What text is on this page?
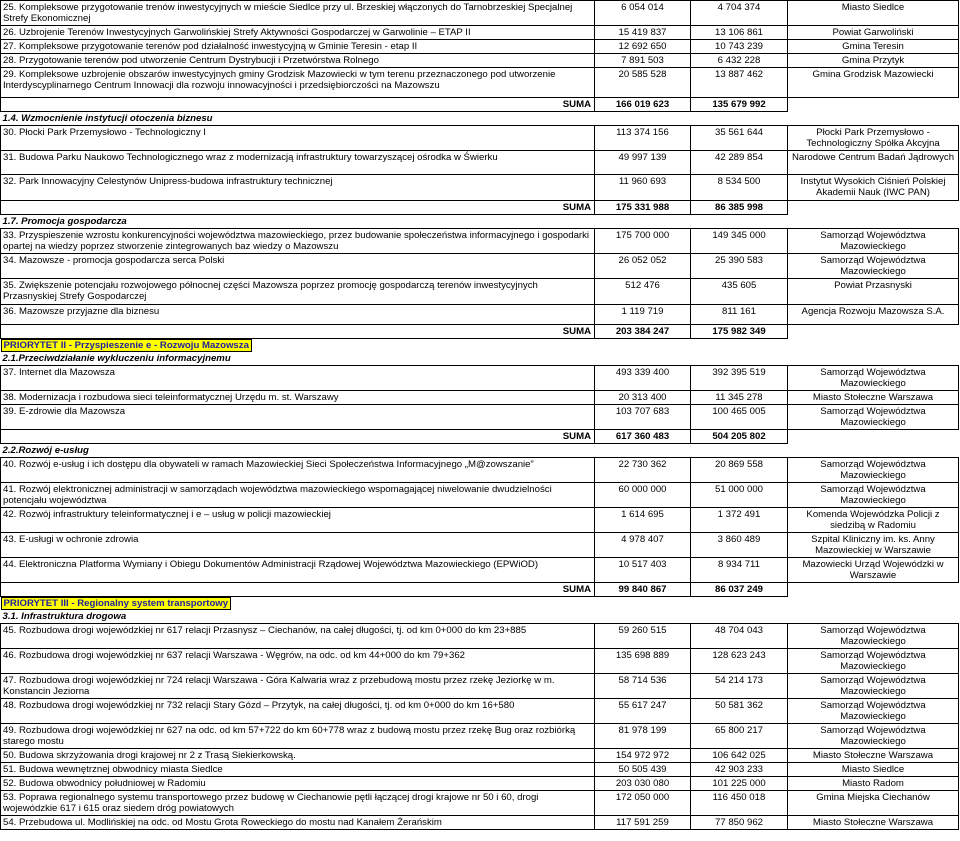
25. Kompleksowe przygotowanie trenów inwestycyjnych w mieście Siedlce przy ul. Brzeskiej włączonych do Tarnobrzeskiej Specjalnej Strefy Ekonomicznej	6 054 014	4 704 374	Miasto Siedlce
26. Uzbrojenie Terenów Inwestycyjnych Garwolińskiej Strefy Aktywności Gospodarczej w Garwolinie – ETAP II	15 419 837	13 106 861	Powiat Garwoliński
27. Kompleksowe przygotowanie terenów pod działalność inwestycyjną w Gminie Teresin - etap II	12 692 650	10 743 239	Gmina Teresin
28. Przygotowanie terenów pod utworzenie Centrum Dystrybucji i Przetwórstwa Rolnego	7 891 503	6 432 228	Gmina Przytyk
29. Kompleksowe uzbrojenie obszarów inwestycyjnych gminy Grodzisk Mazowiecki w tym terenu przeznaczonego pod utworzenie Interdyscyplinarnego Centrum Innowacji dla rozwoju innowacyjności i przedsiębiorczości na Mazowszu	20 585 528	13 887 462	Gmina Grodzisk Mazowiecki
SUMA	166 019 623	135 679 992	
1.4. Wzmocnienie instytucji otoczenia biznesu			
30. Płocki Park Przemysłowo - Technologiczny I	113 374 156	35 561 644	Płocki Park Przemysłowo - Technologiczny Spółka Akcyjna
31. Budowa Parku Naukowo Technologicznego wraz z modernizacją infrastruktury towarzyszącej ośrodka w Świerku	49 997 139	42 289 854	Narodowe Centrum Badań Jądrowych
32. Park Innowacyjny Celestynów Unipress-budowa infrastruktury technicznej	11 960 693	8 534 500	Instytut Wysokich Ciśnień Polskiej Akademii Nauk (IWC PAN)
SUMA	175 331 988	86 385 998	
1.7. Promocja gospodarcza			
33. Przyspieszenie wzrostu konkurencyjności województwa mazowieckiego, przez budowanie społeczeństwa informacyjnego i gospodarki opartej na wiedzy poprzez stworzenie zintegrowanych baz wiedzy o Mazowszu	175 700 000	149 345 000	Samorząd Województwa Mazowieckiego
34. Mazowsze - promocja gospodarcza serca Polski	26 052 052	25 390 583	Samorząd Województwa Mazowieckiego
35. Zwiększenie potencjału rozwojowego północnej części Mazowsza poprzez promocję gospodarczą terenów inwestycyjnych Przasnyskiej Strefy Gospodarczej	512 476	435 605	Powiat Przasnyski
36. Mazowsze przyjazne dla biznesu	1 119 719	811 161	Agencja Rozwoju Mazowsza S.A.
SUMA	203 384 247	175 982 349	
PRIORYTET II - Przyspieszenie e - Rozwoju Mazowsza			
2.1.Przeciwdziałanie wykluczeniu informacyjnemu			
37. Internet dla Mazowsza	493 339 400	392 395 519	Samorząd Województwa Mazowieckiego
38. Modernizacja i rozbudowa sieci teleinformatycznej Urzędu m. st. Warszawy	20 313 400	11 345 278	Miasto Stołeczne Warszawa
39. E-zdrowie dla Mazowsza	103 707 683	100 465 005	Samorząd Województwa Mazowieckiego
SUMA	617 360 483	504 205 802	
2.2.Rozwój e-usług			
40. Rozwój e-usług i ich dostępu dla obywateli w ramach Mazowieckiej Sieci Społeczeństwa Informacyjnego „M@zowszanie”	22 730 362	20 869 558	Samorząd Województwa Mazowieckiego
41. Rozwój elektronicznej administracji w samorządach województwa mazowieckiego wspomagającej niwelowanie dwudzielności potencjału województwa	60 000 000	51 000 000	Samorząd Województwa Mazowieckiego
42. Rozwój infrastruktury teleinformatycznej i e – usług w policji mazowieckiej	1 614 695	1 372 491	Komenda Wojewódzka Policji z siedzibą w Radomiu
43. E-usługi w ochronie zdrowia	4 978 407	3 860 489	Szpital Kliniczny im. ks. Anny Mazowieckiej w Warszawie
44. Elektroniczna Platforma Wymiany i Obiegu Dokumentów Administracji Rządowej Województwa Mazowieckiego (EPWiOD)	10 517 403	8 934 711	Mazowiecki Urząd Wojewódzki w Warszawie
SUMA	99 840 867	86 037 249	
PRIORYTET III - Regionalny system transportowy			
3.1. Infrastruktura drogowa			
45. Rozbudowa drogi wojewódzkiej nr 617 relacji Przasnysz – Ciechanów, na całej długości, tj. od km 0+000 do km 23+885	59 260 515	48 704 043	Samorząd Województwa Mazowieckiego
46. Rozbudowa drogi wojewódzkiej nr 637 relacji Warszawa - Węgrów, na odc. od km 44+000 do km 79+362	135 698 889	128 623 243	Samorząd Województwa Mazowieckiego
47. Rozbudowa drogi wojewódzkiej nr 724 relacji Warszawa - Góra Kalwaria wraz z przebudową mostu przez rzekę Jeziorkę w m. Konstancin Jeziorna	58 714 536	54 214 173	Samorząd Województwa Mazowieckiego
48. Rozbudowa drogi wojewódzkiej nr 732 relacji Stary Gózd – Przytyk, na całej długości, tj. od km 0+000 do km 16+580	55 617 247	50 581 362	Samorząd Województwa Mazowieckiego
49. Rozbudowa drogi wojewódzkiej nr 627 na odc. od km 57+722 do km 60+778 wraz z budową mostu przez rzekę Bug oraz rozbiórką starego mostu	81 978 199	65 800 217	Samorząd Województwa Mazowieckiego
50. Budowa skrzyżowania drogi krajowej nr 2 z Trasą Siekierkowską.	154 972 972	106 642 025	Miasto Stołeczne Warszawa
51. Budowa wewnętrznej obwodnicy miasta Siedlce	50 505 439	42 903 233	Miasto Siedlce
52. Budowa obwodnicy południowej w Radomiu	203 030 080	101 225 000	Miasto Radom
53. Poprawa regionalnego systemu transportowego przez budowę w Ciechanowie pętli łączącej drogi krajowe nr 50 i 60, drogi wojewódzkie 617 i 615 oraz siedem dróg powiatowych	172 050 000	116 450 018	Gmina Miejska Ciechanów
54. Przebudowa ul. Modlińskiej na odc. od Mostu Grota Roweckiego do mostu nad Kanałem Żerańskim	117 591 259	77 850 962	Miasto Stołeczne Warszawa
